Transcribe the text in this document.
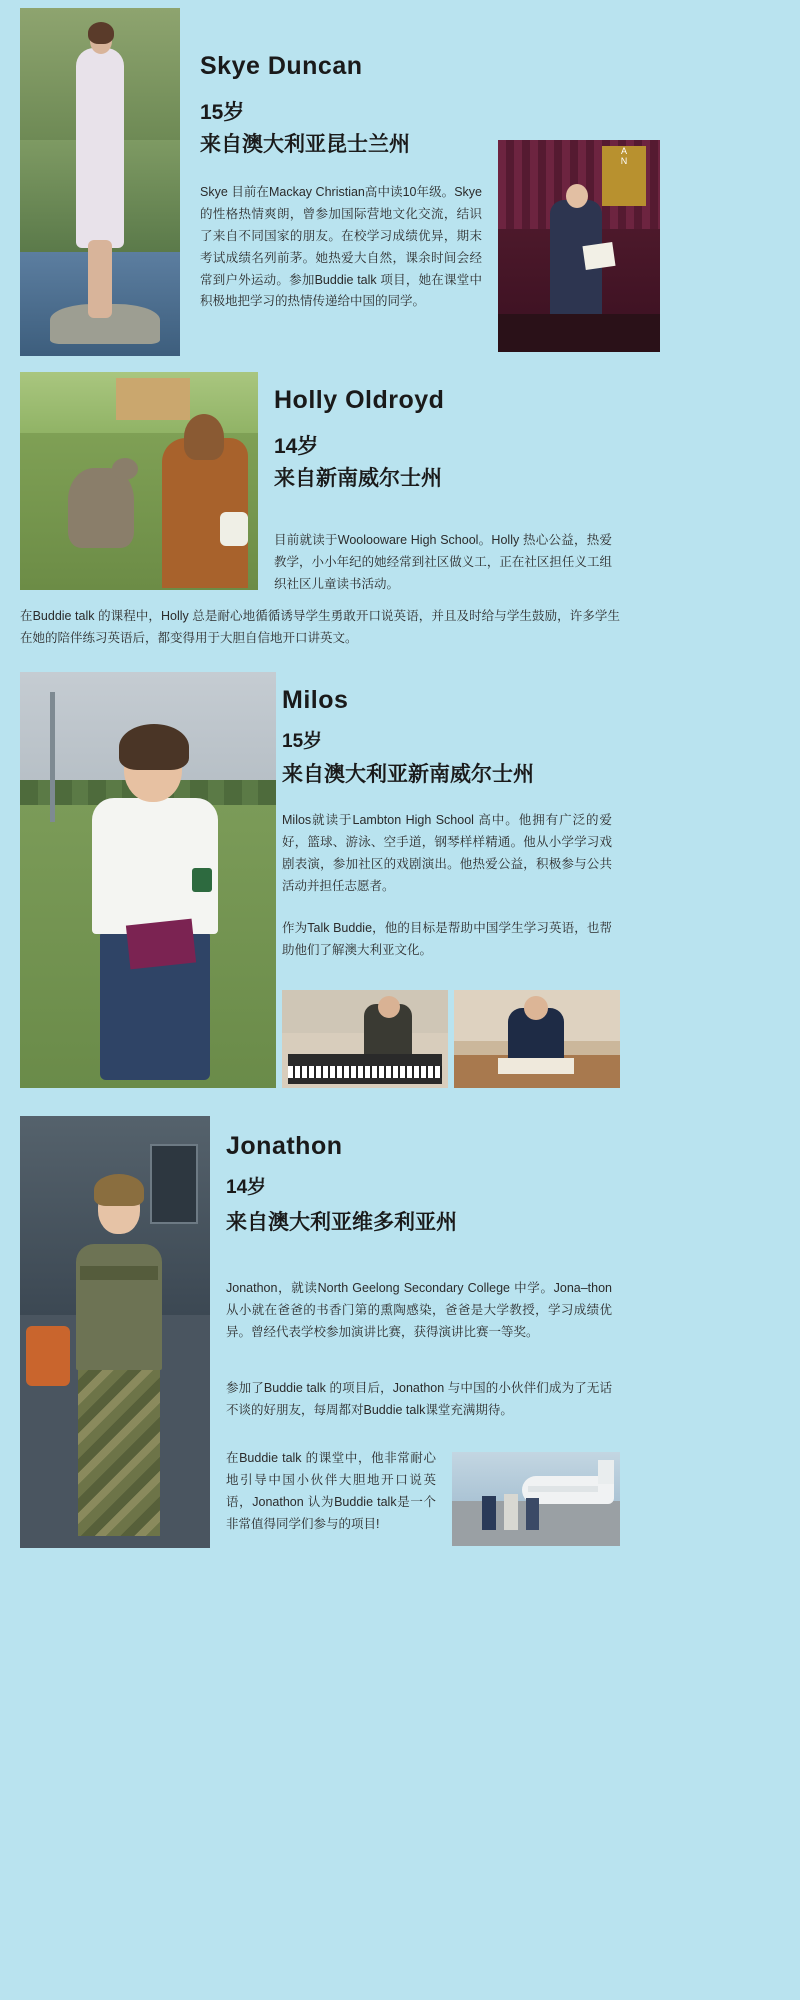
A
N
Skye Duncan
15岁
来自澳大利亚昆士兰州
Skye 目前在Mackay Christian高中读10年级。Skye的性格热情爽朗，曾参加国际营地文化交流，结识了来自不同国家的朋友。在校学习成绩优异，期末考试成绩名列前茅。她热爱大自然，课余时间会经常到户外运动。参加Buddie talk 项目，她在课堂中积极地把学习的热情传递给中国的同学。
Holly Oldroyd
14岁
来自新南威尔士州
目前就读于Woolooware High School。Holly 热心公益，热爱教学，小小年纪的她经常到社区做义工，正在社区担任义工组织社区儿童读书活动。
在Buddie talk 的课程中，Holly 总是耐心地循循诱导学生勇敢开口说英语，并且及时给与学生鼓励，许多学生在她的陪伴练习英语后，都变得用于大胆自信地开口讲英文。
Milos
15岁
来自澳大利亚新南威尔士州
Milos就读于Lambton High School 高中。他拥有广泛的爱好，篮球、游泳、空手道，钢琴样样精通。他从小学学习戏剧表演，参加社区的戏剧演出。他热爱公益，积极参与公共活动并担任志愿者。
作为Talk Buddie，他的目标是帮助中国学生学习英语，也帮助他们了解澳大利亚文化。
Jonathon
14岁
来自澳大利亚维多利亚州
Jonathon，就读North Geelong Secondary College 中学。Jona–thon从小就在爸爸的书香门第的熏陶感染，爸爸是大学教授，学习成绩优异。曾经代表学校参加演讲比赛，获得演讲比赛一等奖。
参加了Buddie talk 的项目后，Jonathon 与中国的小伙伴们成为了无话不谈的好朋友，每周都对Buddie talk课堂充满期待。
在Buddie talk 的课堂中，他非常耐心地引导中国小伙伴大胆地开口说英语，Jonathon 认为Buddie talk是一个非常值得同学们参与的项目!
